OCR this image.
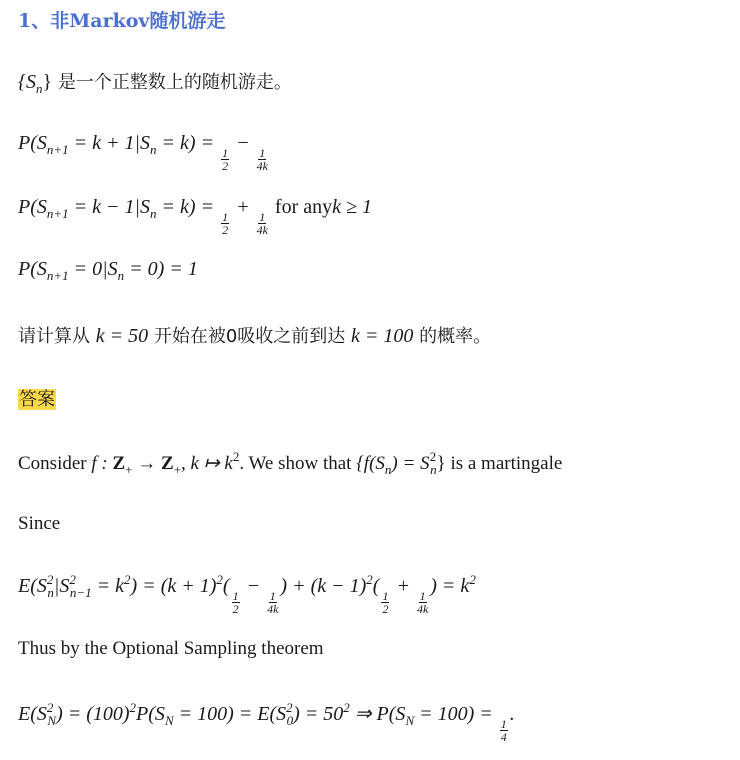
1、非Markov随机游走
$\{S_n\}$ 是一个正整数上的随机游走。
$P(S_{n+1} = k + 1|S_n = k)$ =
$\frac{1}{2}$
−
$\frac{1}{4k}$
$P(S_{n+1} = k - 1|S_n = k)$ =
$\frac{1}{2}$
+
$\frac{1}{4k}$
for anyk ≥ 1
$P(S_{n+1} = 0|S_n = 0) = 1$
请计算从 k = 50 开始在被0吸收之前到达 k = 100 的概率。
答案
Consider f : $Z_+ \to Z_+$, k ↦ $k^2$. We show that $\{f(S_n) = S^2_n\}$ is a martingale
Since
$E(S^2_n|S^2_{n-1} = k^2) = (k + 1)^2$(
$\frac{1}{2}$
−
$\frac{1}{4k}$
) + $(k - 1)^2$(
$\frac{1}{2}$
+
$\frac{1}{4k}$
) = $k^2$
Thus by the Optional Sampling theorem
$E(S^2_N) = (100)^2P(S_N = 100) = E(S^2_0) = 50^2$ ⇒ $P(S_N = 100)$ =
$\frac{1}{4}$
.
